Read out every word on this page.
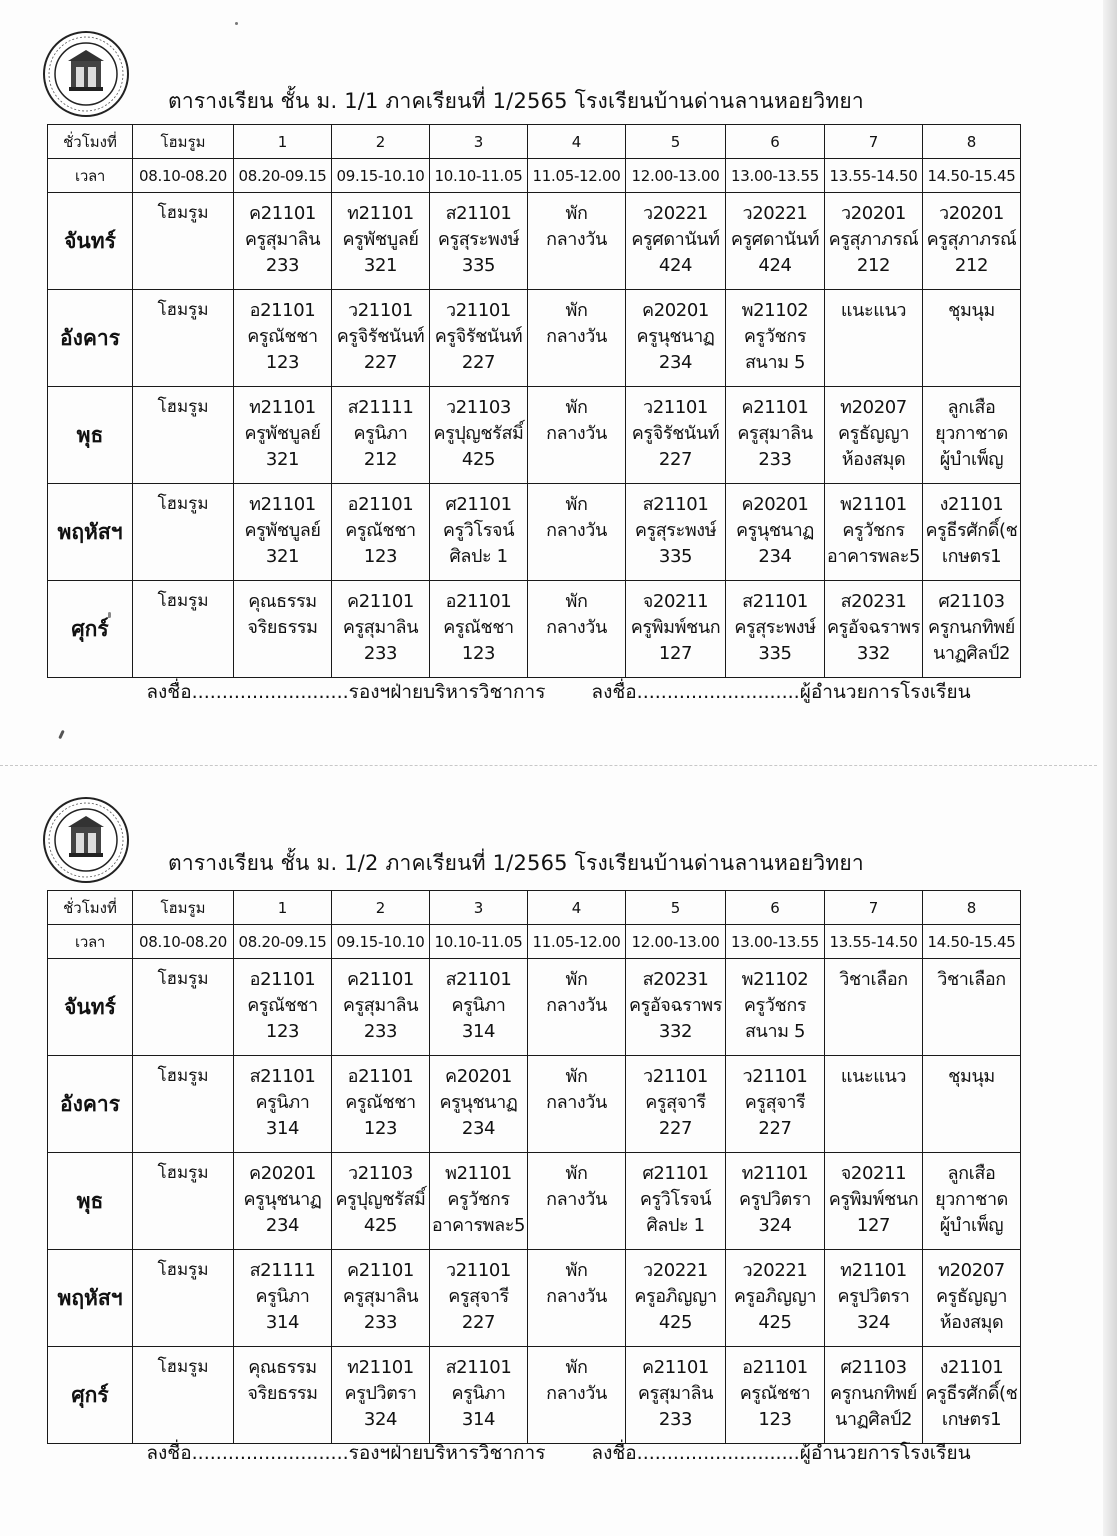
ตารางเรียน ชั้น ม. 1/1 ภาคเรียนที่ 1/2565 โรงเรียนบ้านด่านลานหอยวิทยา
ชั่วโมงที่	โฮมรูม	1	2	3	4	5	6	7	8
เวลา	08.10-08.20	08.20-09.15	09.15-10.10	10.10-11.05	11.05-12.00	12.00-13.00	13.00-13.55	13.55-14.50	14.50-15.45
จันทร์	โฮมรูม	ค21101
ครูสุมาลิน
233	ท21101
ครูพัชบูลย์
321	ส21101
ครูสุระพงษ์
335	พัก
กลางวัน	ว20221
ครูศดานันท์
424	ว20221
ครูศดานันท์
424	ว20201
ครูสุภาภรณ์
212	ว20201
ครูสุภาภรณ์
212

อังคาร	โฮมรูม	อ21101
ครูณัชชา
123	ว21101
ครูจิรัชนันท์
227	ว21101
ครูจิรัชนันท์
227	พัก
กลางวัน	ค20201
ครูนุชนาฏ
234	พ21102
ครูวัชกร
สนาม 5	แนะแนว	ชุมนุม

พุธ	โฮมรูม	ท21101
ครูพัชบูลย์
321	ส21111
ครูนิภา
212	ว21103
ครูปุญชรัสมิ์
425	พัก
กลางวัน	ว21101
ครูจิรัชนันท์
227	ค21101
ครูสุมาลิน
233	ท20207
ครูธัญญา
ห้องสมุด	ลูกเสือ
ยุวกาชาด
ผู้บำเพ็ญ

พฤหัสฯ	โฮมรูม	ท21101
ครูพัชบูลย์
321	อ21101
ครูณัชชา
123	ศ21101
ครูวิโรจน์
ศิลปะ 1	พัก
กลางวัน	ส21101
ครูสุระพงษ์
335	ค20201
ครูนุชนาฏ
234	พ21101
ครูวัชกร
อาคารพละ5	ง21101
ครูธีรศักดิ์(ช
เกษตร1

ศุกร์	โฮมรูม	คุณธรรม
จริยธรรม	ค21101
ครูสุมาลิน
233	อ21101
ครูณัชชา
123	พัก
กลางวัน	จ20211
ครูพิมพ์ชนก
127	ส21101
ครูสุระพงษ์
335	ส20231
ครูอัจฉราพร
332	ศ21103
ครูกนกทิพย์
นาฏศิลป์2
ลงชื่อ..........................รองฯฝ่ายบริหารวิชาการ ลงชื่อ...........................ผู้อำนวยการโรงเรียน
ตารางเรียน ชั้น ม. 1/2 ภาคเรียนที่ 1/2565 โรงเรียนบ้านด่านลานหอยวิทยา
ชั่วโมงที่	โฮมรูม	1	2	3	4	5	6	7	8
เวลา	08.10-08.20	08.20-09.15	09.15-10.10	10.10-11.05	11.05-12.00	12.00-13.00	13.00-13.55	13.55-14.50	14.50-15.45
จันทร์	โฮมรูม	อ21101
ครูณัชชา
123	ค21101
ครูสุมาลิน
233	ส21101
ครูนิภา
314	พัก
กลางวัน	ส20231
ครูอัจฉราพร
332	พ21102
ครูวัชกร
สนาม 5	วิชาเลือก	วิชาเลือก

อังคาร	โฮมรูม	ส21101
ครูนิภา
314	อ21101
ครูณัชชา
123	ค20201
ครูนุชนาฏ
234	พัก
กลางวัน	ว21101
ครูสุจารี
227	ว21101
ครูสุจารี
227	แนะแนว	ชุมนุม

พุธ	โฮมรูม	ค20201
ครูนุชนาฏ
234	ว21103
ครูปุญชรัสมิ์
425	พ21101
ครูวัชกร
อาคารพละ5	พัก
กลางวัน	ศ21101
ครูวิโรจน์
ศิลปะ 1	ท21101
ครูปวิตรา
324	จ20211
ครูพิมพ์ชนก
127	ลูกเสือ
ยุวกาชาด
ผู้บำเพ็ญ

พฤหัสฯ	โฮมรูม	ส21111
ครูนิภา
314	ค21101
ครูสุมาลิน
233	ว21101
ครูสุจารี
227	พัก
กลางวัน	ว20221
ครูอภิญญา
425	ว20221
ครูอภิญญา
425	ท21101
ครูปวิตรา
324	ท20207
ครูธัญญา
ห้องสมุด

ศุกร์	โฮมรูม	คุณธรรม
จริยธรรม	ท21101
ครูปวิตรา
324	ส21101
ครูนิภา
314	พัก
กลางวัน	ค21101
ครูสุมาลิน
233	อ21101
ครูณัชชา
123	ศ21103
ครูกนกทิพย์
นาฏศิลป์2	ง21101
ครูธีรศักดิ์(ช
เกษตร1
ลงชื่อ..........................รองฯฝ่ายบริหารวิชาการ ลงชื่อ...........................ผู้อำนวยการโรงเรียน
